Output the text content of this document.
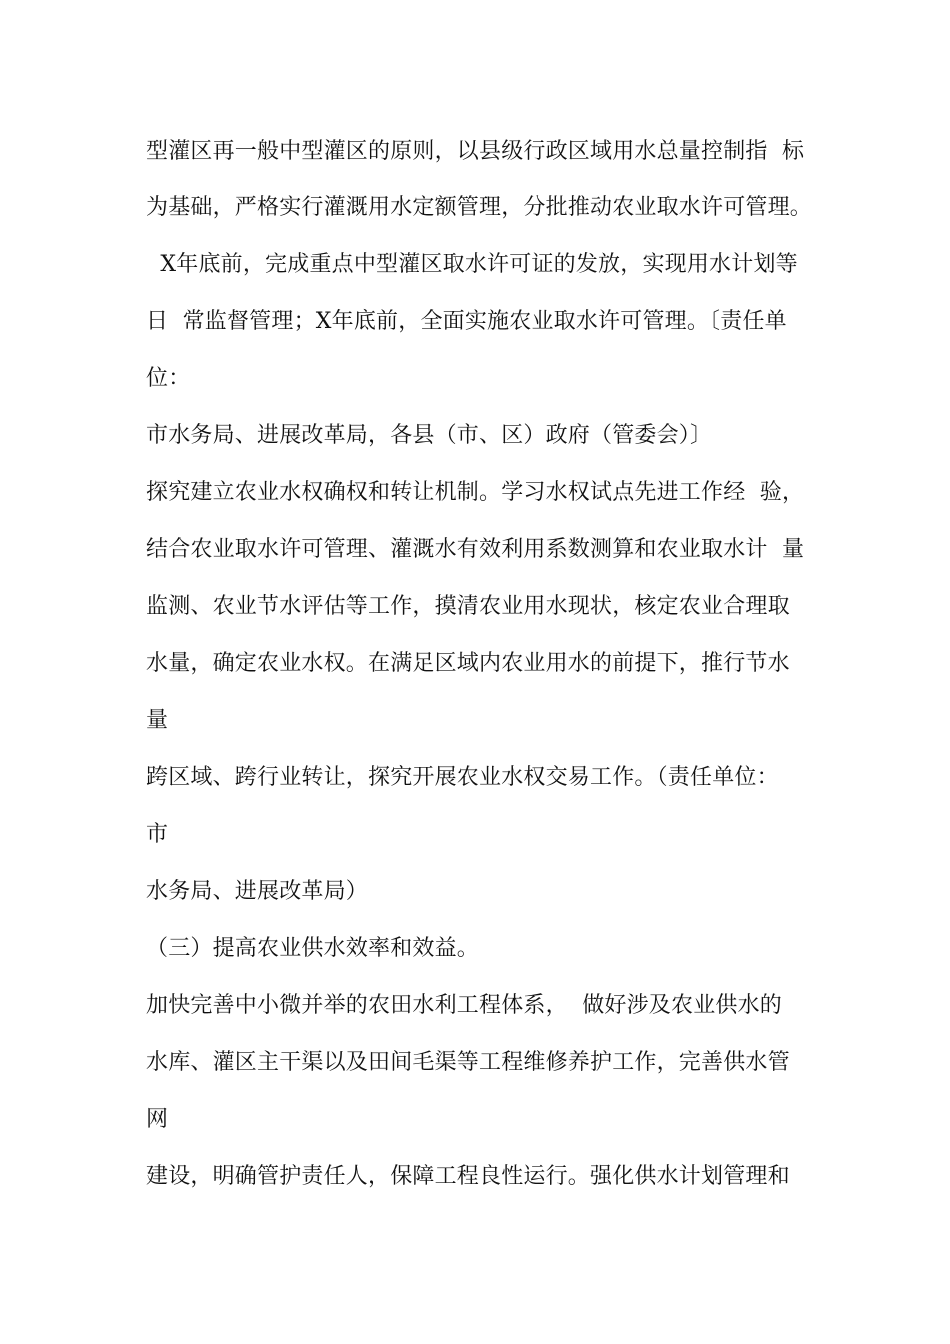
型灌区再一般中型灌区的原则，以县级行政区域用水总量控制指  标
为基础，严格实行灌溉用水定额管理，分批推动农业取水许可管理。
X年底前，完成重点中型灌区取水许可证的发放，实现用水计划等
日  常监督管理；X年底前，全面实施农业取水许可管理。〔责任单
位：
市水务局、进展改革局，各县（市、区）政府（管委会）〕
探究建立农业水权确权和转让机制。学习水权试点先进工作经  验，
结合农业取水许可管理、灌溉水有效利用系数测算和农业取水计  量
监测、农业节水评估等工作，摸清农业用水现状，核定农业合理取
水量，确定农业水权。在满足区域内农业用水的前提下，推行节水
量
跨区域、跨行业转让，探究开展农业水权交易工作。（责任单位：
市
水务局、进展改革局）
（三）提高农业供水效率和效益。
加快完善中小微并举的农田水利工程体系，  做好涉及农业供水的
水库、灌区主干渠以及田间毛渠等工程维修养护工作，完善供水管
网
建设，明确管护责任人，保障工程良性运行。强化供水计划管理和
